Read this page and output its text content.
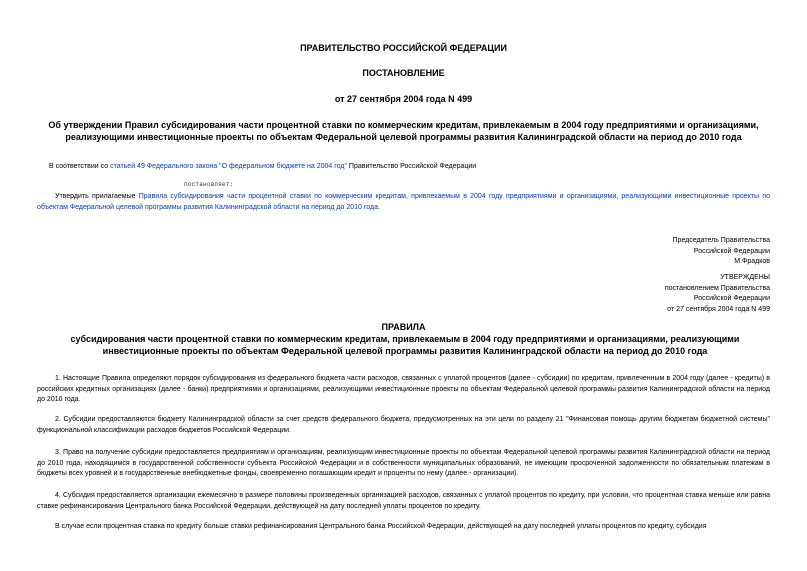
ПРАВИТЕЛЬСТВО РОССИЙСКОЙ ФЕДЕРАЦИИ
ПОСТАНОВЛЕНИЕ
от 27 сентября 2004 года N 499
Об утверждении Правил субсидирования части процентной ставки по коммерческим кредитам, привлекаемым в 2004 году предприятиями и организациями, реализующими инвестиционные проекты по объектам Федеральной целевой программы развития Калининградской области на период до 2010 года
В соответствии со статьей 49 Федерального закона "О федеральном бюджете на 2004 год" Правительство Российской Федерации
постановляет:
Утвердить прилагаемые Правила субсидирования части процентной ставки по коммерческим кредитам, привлекаемым в 2004 году предприятиями и организациями, реализующими инвестиционные проекты по объектам Федеральной целевой программы развития Калининградской области на период до 2010 года.
Председатель Правительства
Российской Федерации
М.Фрадков
УТВЕРЖДЕНЫ
постановлением Правительства
Российской Федерации
от 27 сентября 2004 года N 499
ПРАВИЛА
субсидирования части процентной ставки по коммерческим кредитам, привлекаемым в 2004 году предприятиями и организациями, реализующими инвестиционные проекты по объектам Федеральной целевой программы развития Калининградской области на период до 2010 года
1. Настоящие Правила определяют порядок субсидирования из федерального бюджета части расходов, связанных с уплатой процентов (далее - субсидии) по кредитам, привлеченным в 2004 году (далее - кредиты) в российских кредитных организациях (далее - банки) предприятиями и организациями, реализующими инвестиционные проекты по объектам Федеральной целевой программы развития Калининградской области на период до 2010 года.
2. Субсидии предоставляются бюджету Калининградской области за счет средств федерального бюджета, предусмотренных на эти цели по разделу 21 "Финансовая помощь другим бюджетам бюджетной системы" функциональной классификации расходов бюджетов Российской Федерации.
3. Право на получение субсидии предоставляется предприятиям и организациям, реализующим инвестиционные проекты по объектам Федеральной целевой программы развития Калининградской области на период до 2010 года, находящимся в государственной собственности субъекта Российской Федерации и в собственности муниципальных образований, не имеющим просроченной задолженности по обязательным платежам в бюджеты всех уровней и в государственные внебюджетные фонды, своевременно погашающим кредит и проценты по нему (далее - организации).
4. Субсидия предоставляется организации ежемесячно в размере половины произведенных организацией расходов, связанных с уплатой процентов по кредиту, при условии, что процентная ставка меньше или равна ставке рефинансирования Центрального банка Российской Федерации, действующей на дату последней уплаты процентов по кредиту.
В случае если процентная ставка по кредиту больше ставки рефинансирования Центрального банка Российской Федерации, действующей на дату последней уплаты процентов по кредиту, субсидия
